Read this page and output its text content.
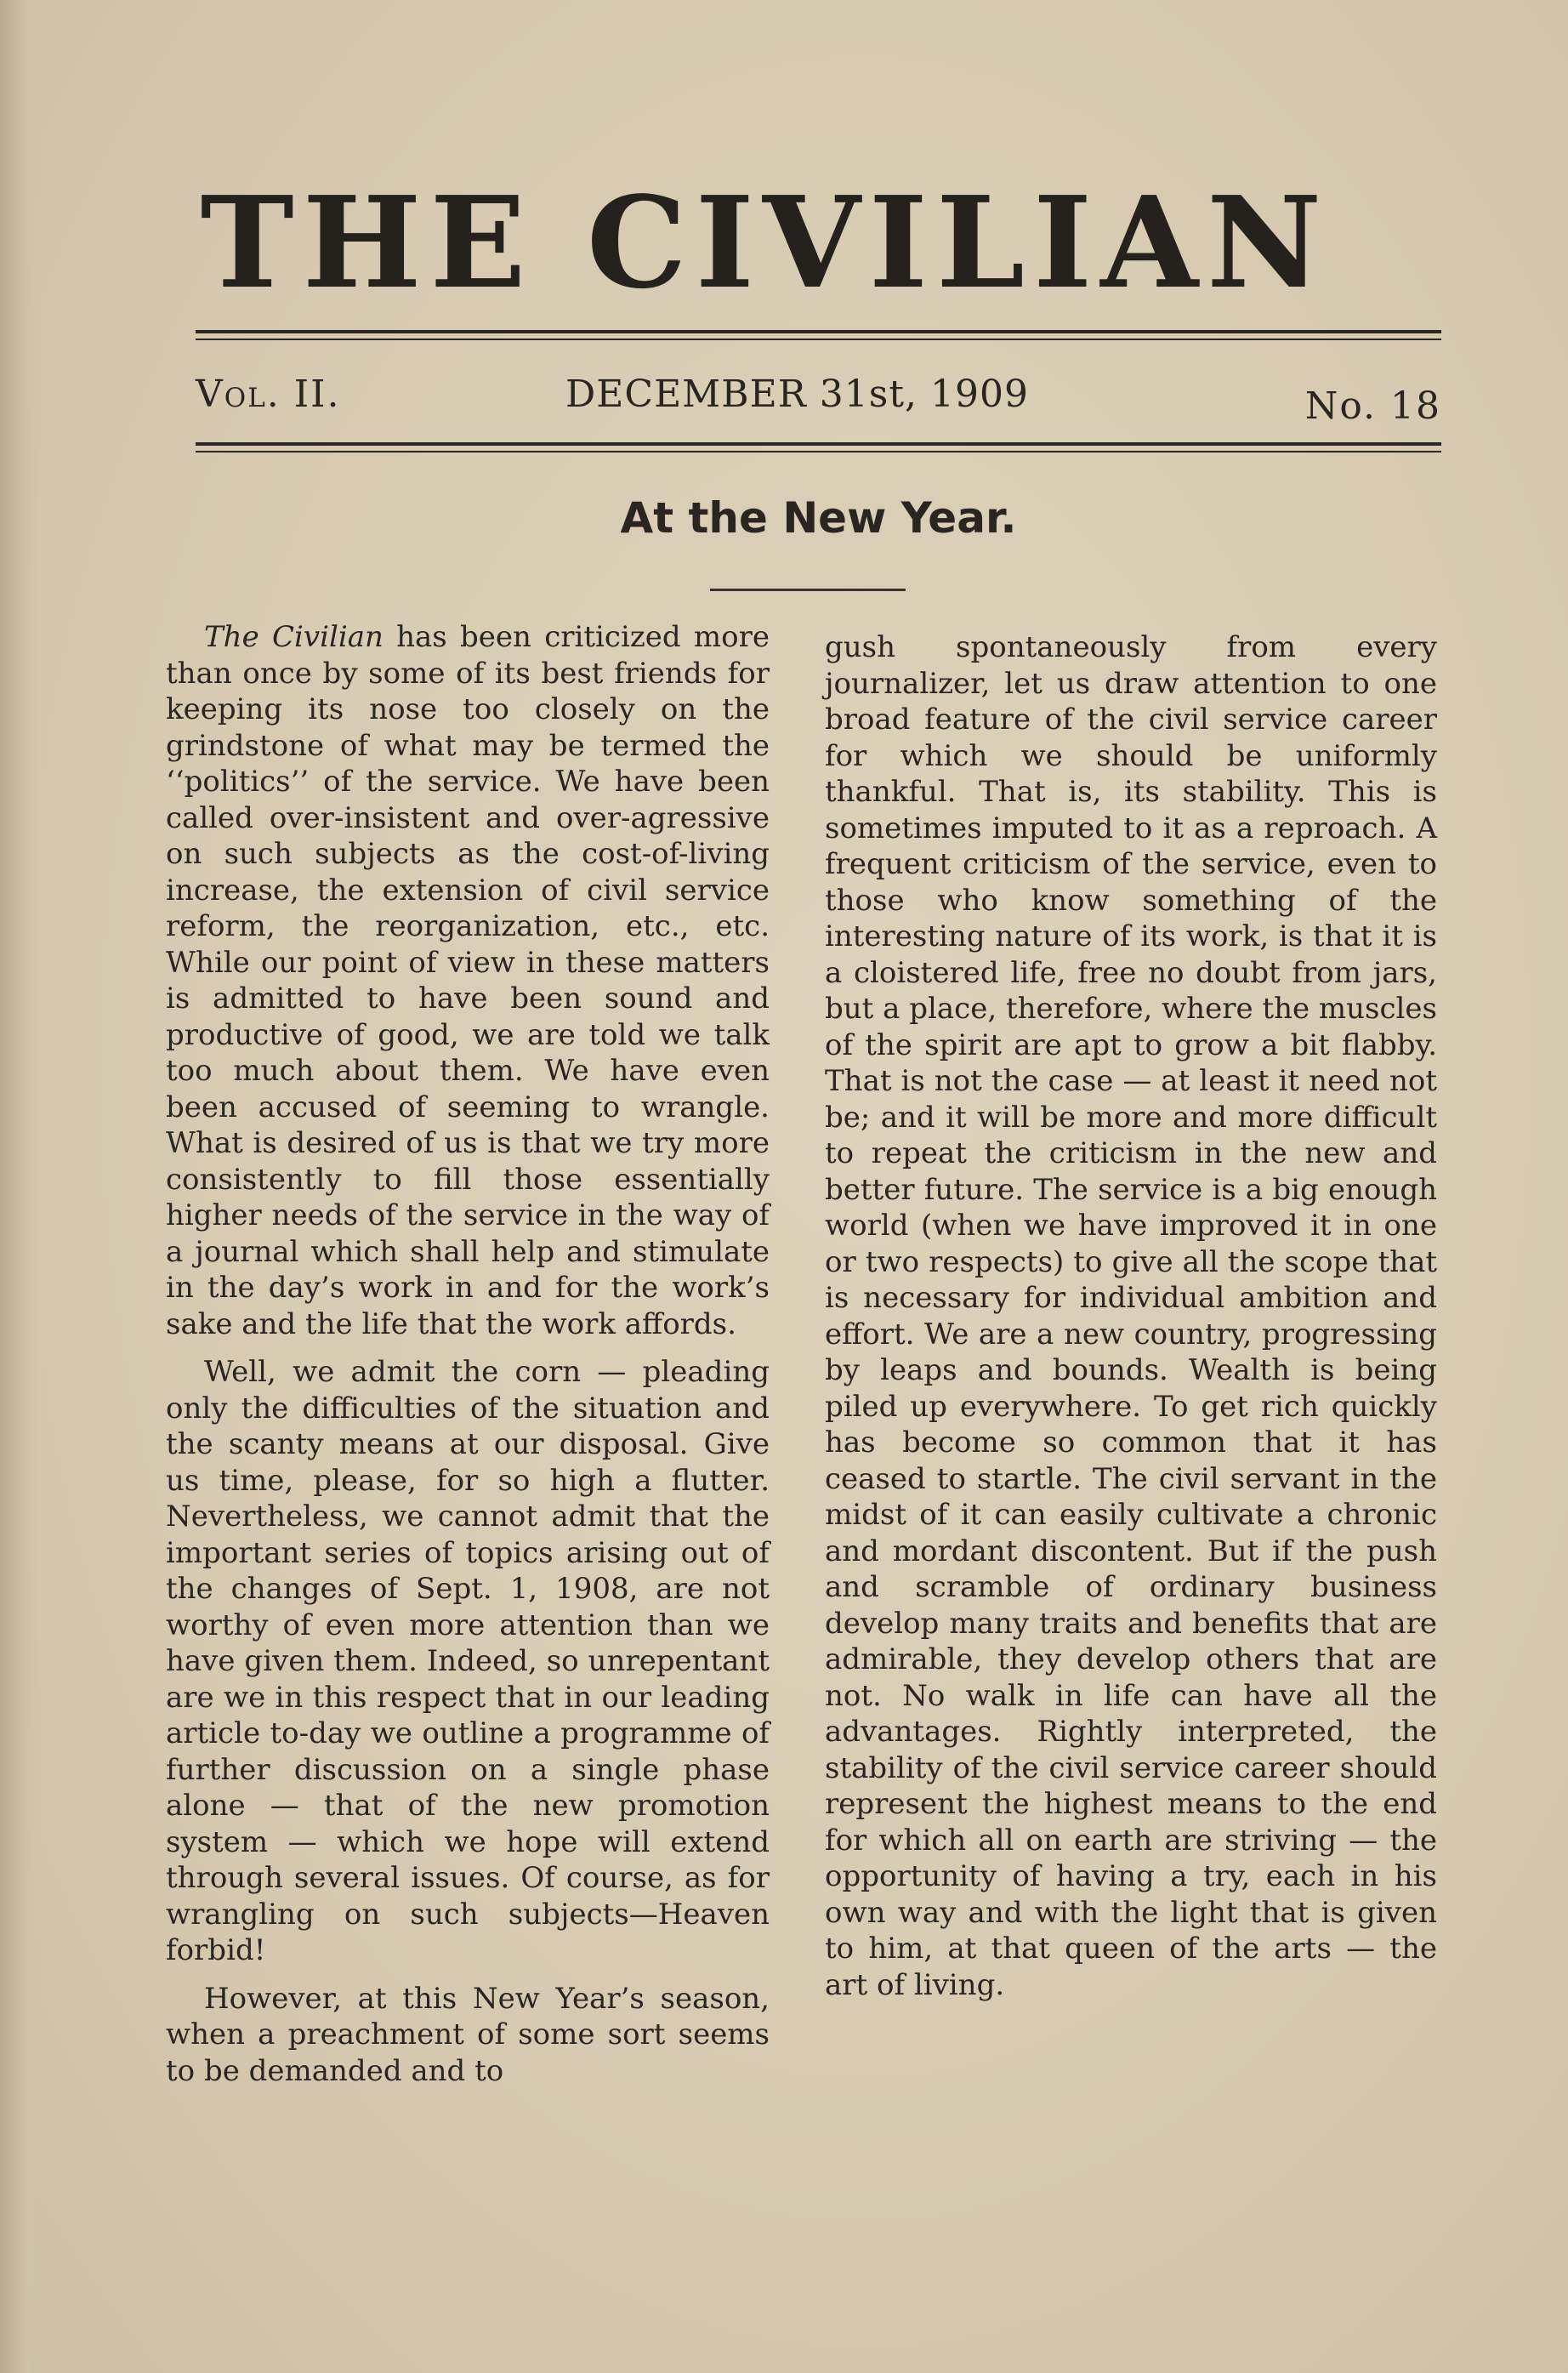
THE CIVILIAN
Vol. II.	DECEMBER 31st, 1909	No. 18
At the New Year.

The Civilian has been criticized more than once by some of its best friends for keeping its nose too closely on the grindstone of what may be termed the ‘‘politics’’ of the service. We have been called over-insistent and over-agressive on such subjects as the cost-of-living increase, the extension of civil service reform, the reorganization, etc., etc. While our point of view in these matters is admitted to have been sound and productive of good, we are told we talk too much about them. We have even been accused of seeming to wrangle. What is desired of us is that we try more consistently to fill those essentially higher needs of the service in the way of a journal which shall help and stimulate in the day’s work in and for the work’s sake and the life that the work affords.

Well, we admit the corn — pleading only the difficulties of the situation and the scanty means at our disposal. Give us time, please, for so high a flutter. Nevertheless, we cannot admit that the important series of topics arising out of the changes of Sept. 1, 1908, are not worthy of even more attention than we have given them. Indeed, so unrepentant are we in this respect that in our leading article to-day we outline a programme of further discussion on a single phase alone — that of the new promotion system — which we hope will extend through several issues. Of course, as for wrangling on such subjects—Heaven forbid!

However, at this New Year’s season, when a preachment of some sort seems to be demanded and to

gush spontaneously from every journalizer, let us draw attention to one broad feature of the civil service career for which we should be uniformly thankful. That is, its stability. This is sometimes imputed to it as a reproach. A frequent criticism of the service, even to those who know something of the interesting nature of its work, is that it is a cloistered life, free no doubt from jars, but a place, therefore, where the muscles of the spirit are apt to grow a bit flabby. That is not the case — at least it need not be; and it will be more and more difficult to repeat the criticism in the new and better future. The service is a big enough world (when we have improved it in one or two respects) to give all the scope that is necessary for individual ambition and effort. We are a new country, progressing by leaps and bounds. Wealth is being piled up everywhere. To get rich quickly has become so common that it has ceased to startle. The civil servant in the midst of it can easily cultivate a chronic and mordant discontent. But if the push and scramble of ordinary business develop many traits and benefits that are admirable, they develop others that are not. No walk in life can have all the advantages. Rightly interpreted, the stability of the civil service career should represent the highest means to the end for which all on earth are striving — the opportunity of having a try, each in his own way and with the light that is given to him, at that queen of the arts — the art of living.
